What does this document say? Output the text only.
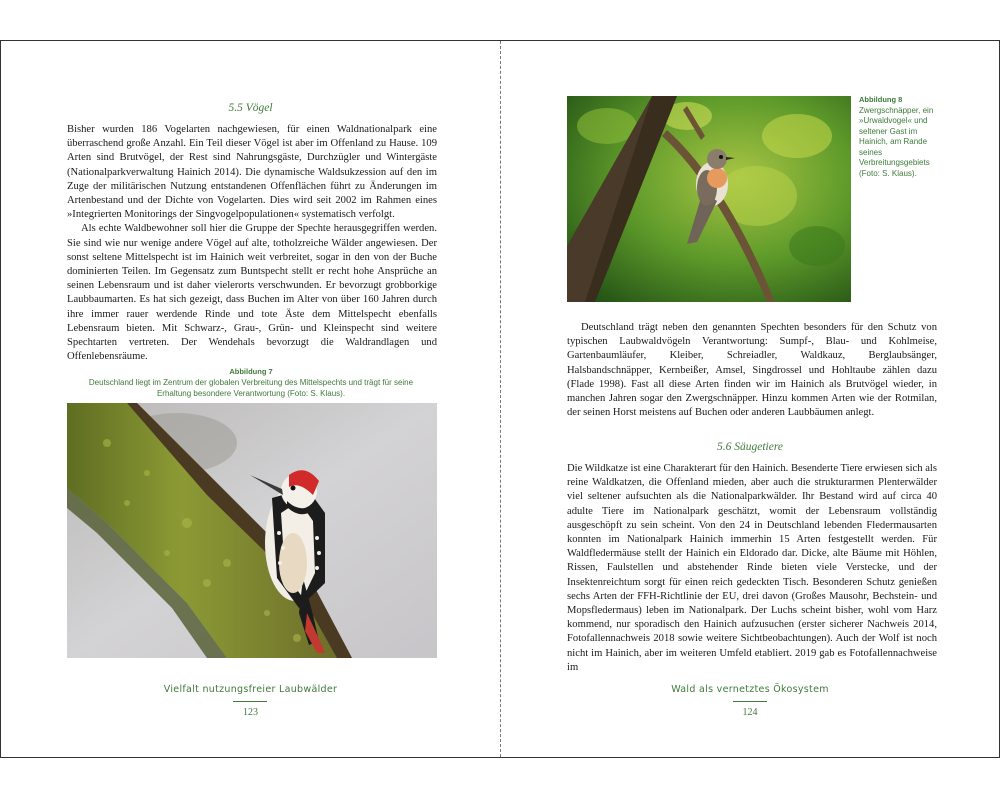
5.5 Vögel

Bisher wurden 186 Vogelarten nachgewiesen, für einen Waldnationalpark eine überraschend große Anzahl. Ein Teil dieser Vögel ist aber im Offenland zu Hause. 109 Arten sind Brutvögel, der Rest sind Nahrungsgäste, Durchzügler und Wintergäste (Nationalparkverwaltung Hainich 2014). Die dynamische Waldsukzession auf den im Zuge der militärischen Nutzung entstandenen Offenflächen führt zu Änderungen im Artenbestand und der Dichte von Vogelarten. Dies wird seit 2002 im Rahmen eines »Integrierten Monitorings der Singvogelpopulationen« systematisch verfolgt.

Als echte Waldbewohner soll hier die Gruppe der Spechte herausgegriffen werden. Sie sind wie nur wenige andere Vögel auf alte, totholzreiche Wälder angewiesen. Der sonst seltene Mittelspecht ist im Hainich weit verbreitet, sogar in den von der Buche dominierten Teilen. Im Gegensatz zum Buntspecht stellt er recht hohe Ansprüche an seinen Lebensraum und ist daher vielerorts verschwunden. Er bevorzugt grobborkige Laubbaumarten. Es hat sich gezeigt, dass Buchen im Alter von über 160 Jahren durch ihre immer rauer werdende Rinde und tote Äste dem Mittelspecht ebenfalls Lebensraum bieten. Mit Schwarz-, Grau-, Grün- und Kleinspecht sind weitere Spechtarten vertreten. Der Wendehals bevorzugt die Waldrandlagen und Offenlebensräume.

Abbildung 7
Deutschland liegt im Zentrum der globalen Verbreitung des Mittelspechts und trägt für seine Erhaltung besondere Verantwortung (Foto: S. Klaus).
Vielfalt nutzungsfreier Laubwälder
123
Abbildung 8
Zwergschnäpper, ein »Urwaldvogel« und seltener Gast im Hainich, am Rande seines Verbreitungsgebiets (Foto: S. Klaus).

Deutschland trägt neben den genannten Spechten besonders für den Schutz von typischen Laubwaldvögeln Verantwortung: Sumpf-, Blau- und Kohlmeise, Gartenbaumläufer, Kleiber, Schreiadler, Waldkauz, Berglaubsänger, Halsbandschnäpper, Kernbeißer, Amsel, Singdrossel und Hohltaube zählen dazu (Flade 1998). Fast all diese Arten finden wir im Hainich als Brutvögel wieder, in manchen Jahren sogar den Zwergschnäpper. Hinzu kommen Arten wie der Rotmilan, der seinen Horst meistens auf Buchen oder anderen Laubbäumen anlegt.

5.6 Säugetiere

Die Wildkatze ist eine Charakterart für den Hainich. Besenderte Tiere erwiesen sich als reine Waldkatzen, die Offenland mieden, aber auch die strukturarmen Plenterwälder viel seltener aufsuchten als die Nationalparkwälder. Ihr Bestand wird auf circa 40 adulte Tiere im Nationalpark geschätzt, womit der Lebensraum vollständig ausgeschöpft zu sein scheint. Von den 24 in Deutschland lebenden Fledermausarten konnten im Nationalpark Hainich immerhin 15 Arten festgestellt werden. Für Waldfledermäuse stellt der Hainich ein Eldorado dar. Dicke, alte Bäume mit Höhlen, Rissen, Faulstellen und abstehender Rinde bieten viele Verstecke, und der Insektenreichtum sorgt für einen reich gedeckten Tisch. Besonderen Schutz genießen sechs Arten der FFH-Richtlinie der EU, drei davon (Großes Mausohr, Bechstein- und Mopsfledermaus) leben im Nationalpark. Der Luchs scheint bisher, wohl vom Harz kommend, nur sporadisch den Hainich aufzusuchen (erster sicherer Nachweis 2014, Fotofallennachweis 2018 sowie weitere Sichtbeobachtungen). Auch der Wolf ist noch nicht im Hainich, aber im weiteren Umfeld etabliert. 2019 gab es Fotofallennachweise im

Wald als vernetztes Ökosystem
124
